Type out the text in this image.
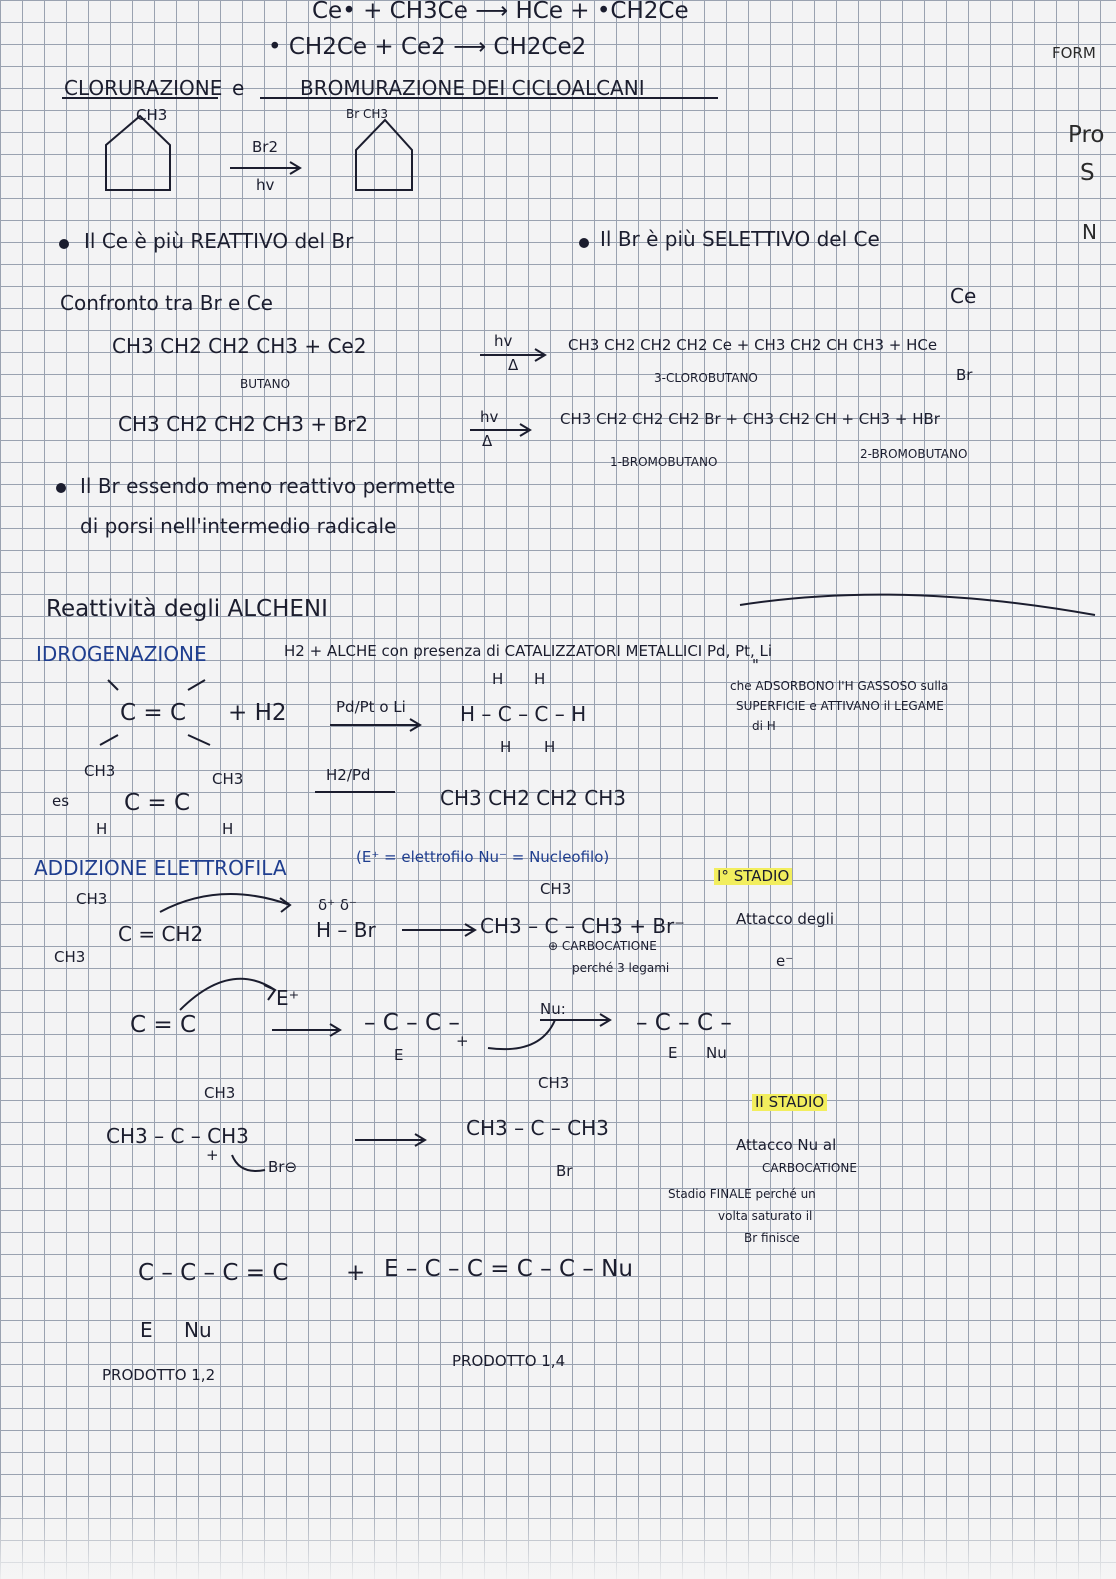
Ce• + CH3Ce ⟶ HCe + •CH2Ce
• CH2Ce + Ce2 ⟶ CH2Ce2	FORM
Pro
S
N
CLORURAZIONE e	BROMURAZIONE DEI CICLOALCANI
CH3
Br2
hv
Br CH3
Il Ce è più REATTIVO del Br	Il Br è più SELETTIVO del Ce
Confronto tra Br e Ce	Ce
CH3 CH2 CH2 CH3 + Ce2	hv
Δ
CH3 CH2 CH2 CH2 Ce + CH3 CH2 CH CH3 + HCe
BUTANO	3-CLOROBUTANO	Br
CH3 CH2 CH2 CH3 + Br2	hv
Δ
CH3 CH2 CH2 CH2 Br + CH3 CH2 CH + CH3 + HBr
1-BROMOBUTANO
2-BROMOBUTANO
Il Br essendo meno reattivo permette
di porsi nell'intermedio radicale
Reattività degli ALCHENI
IDROGENAZIONE	H2 + ALCHE con presenza di CATALIZZATORI METALLICI Pd, Pt, Li
"
che ADSORBONO l'H GASSOSO sulla
SUPERFICIE e ATTIVANO il LEGAME
di H
C = C + H2	Pd/Pt o Li
H H
H – C – C – H
H H
es
CH3	CH3
C = C
H	H
H2/Pd
CH3 CH2 CH2 CH3
ADDIZIONE ELETTROFILA	(E⁺ = elettrofilo Nu⁻ = Nucleofilo)
I° STADIO
CH3
C = CH2
CH3
δ⁺ δ⁻
H – Br
CH3
CH3 – C – CH3 + Br⁻
⊕ CARBOCATIONE
perché 3 legami
Attacco degli
e⁻
C = C
E⁺
– C – C –
E
+
Nu:
– C – C –
E Nu
CH3
CH3 – C – CH3
+
Br⊖
CH3
CH3 – C – CH3
Br
II STADIO
Attacco Nu al
CARBOCATIONE
Stadio FINALE perché un
volta saturato il
Br finisce
C – C – C = C	+ E – C – C = C – C – Nu
E Nu
PRODOTTO 1,2
PRODOTTO 1,4
